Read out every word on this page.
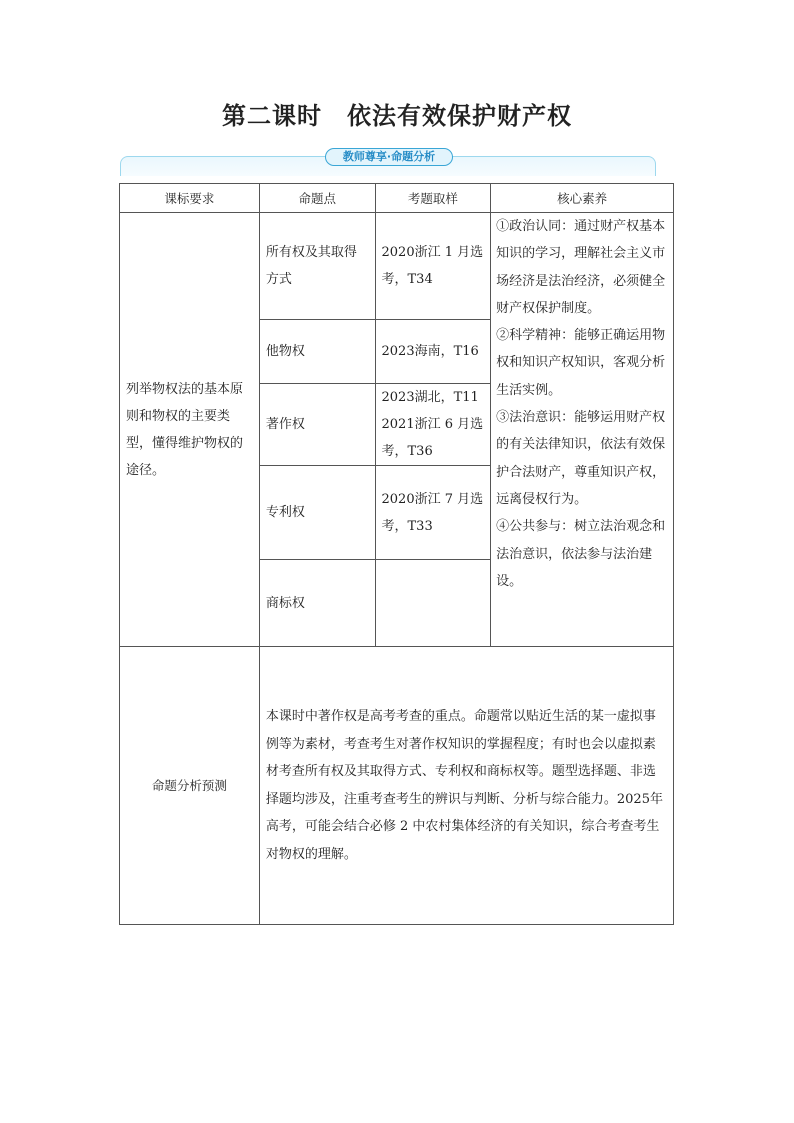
第二课时　依法有效保护财产权
教师尊享·命题分析
课标要求	命题点	考题取样	核心素养
列举物权法的基本原则和物权的主要类型，懂得维护物权的途径。	所有权及其取得方式	2020浙江 1 月选考，T34	①政治认同：通过财产权基本知识的学习，理解社会主义市场经济是法治经济，必须健全财产权保护制度。
②科学精神：能够正确运用物权和知识产权知识，客观分析生活实例。
③法治意识：能够运用财产权的有关法律知识，依法有效保护合法财产，尊重知识产权，远离侵权行为。
④公共参与：树立法治观念和法治意识，依法参与法治建设。

	他物权	2023海南，T16	
	著作权	2023湖北，T11
2021浙江 6 月选考，T36	
	专利权	2020浙江 7 月选考，T33	
	商标权		
命题分析预测	本课时中著作权是高考考查的重点。命题常以贴近生活的某一虚拟事例等为素材，考查考生对著作权知识的掌握程度；有时也会以虚拟素材考查所有权及其取得方式、专利权和商标权等。题型选择题、非选择题均涉及，注重考查考生的辨识与判断、分析与综合能力。2025年高考，可能会结合必修 2 中农村集体经济的有关知识，综合考查考生对物权的理解。		
